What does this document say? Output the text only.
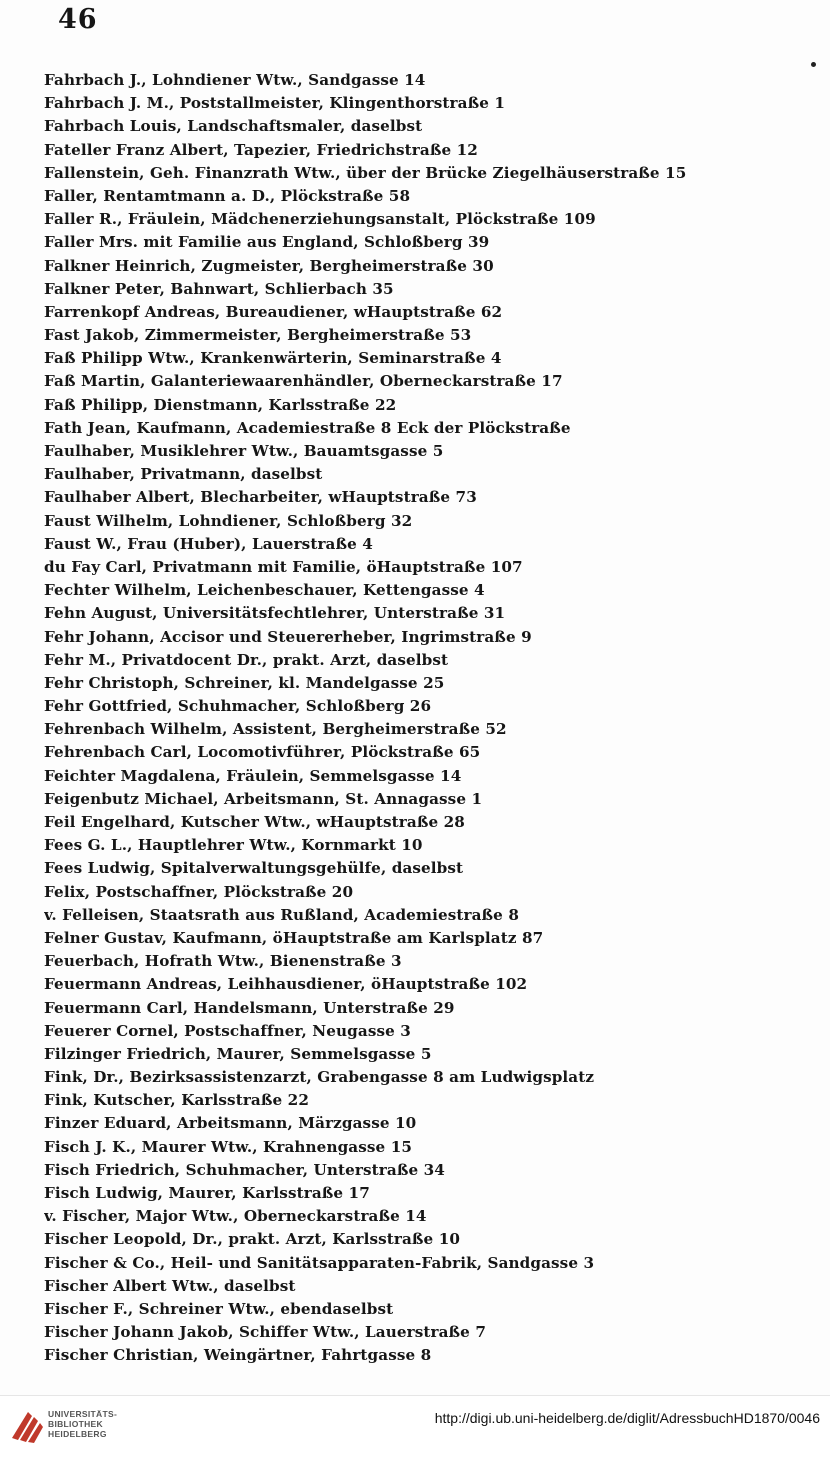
46
Fahrbach J., Lohndiener Wtw., Sandgasse 14
Fahrbach J. M., Poststallmeister, Klingenthorstraße 1
Fahrbach Louis, Landschaftsmaler, daselbst
Fateller Franz Albert, Tapezier, Friedrichstraße 12
Fallenstein, Geh. Finanzrath Wtw., über der Brücke Ziegelhäuserstraße 15
Faller, Rentamtmann a. D., Plöckstraße 58
Faller R., Fräulein, Mädchenerziehungsanstalt, Plöckstraße 109
Faller Mrs. mit Familie aus England, Schloßberg 39
Falkner Heinrich, Zugmeister, Bergheimerstraße 30
Falkner Peter, Bahnwart, Schlierbach 35
Farrenkopf Andreas, Bureaudiener, wHauptstraße 62
Fast Jakob, Zimmermeister, Bergheimerstraße 53
Faß Philipp Wtw., Krankenwärterin, Seminarstraße 4
Faß Martin, Galanteriewaarenhändler, Oberneckarstraße 17
Faß Philipp, Dienstmann, Karlsstraße 22
Fath Jean, Kaufmann, Academiestraße 8 Eck der Plöckstraße
Faulhaber, Musiklehrer Wtw., Bauamtsgasse 5
Faulhaber, Privatmann, daselbst
Faulhaber Albert, Blecharbeiter, wHauptstraße 73
Faust Wilhelm, Lohndiener, Schloßberg 32
Faust W., Frau (Huber), Lauerstraße 4
du Fay Carl, Privatmann mit Familie, öHauptstraße 107
Fechter Wilhelm, Leichenbeschauer, Kettengasse 4
Fehn August, Universitätsfechtlehrer, Unterstraße 31
Fehr Johann, Accisor und Steuererheber, Ingrimstraße 9
Fehr M., Privatdocent Dr., prakt. Arzt, daselbst
Fehr Christoph, Schreiner, kl. Mandelgasse 25
Fehr Gottfried, Schuhmacher, Schloßberg 26
Fehrenbach Wilhelm, Assistent, Bergheimerstraße 52
Fehrenbach Carl, Locomotivführer, Plöckstraße 65
Feichter Magdalena, Fräulein, Semmelsgasse 14
Feigenbutz Michael, Arbeitsmann, St. Annagasse 1
Feil Engelhard, Kutscher Wtw., wHauptstraße 28
Fees G. L., Hauptlehrer Wtw., Kornmarkt 10
Fees Ludwig, Spitalverwaltungsgehülfe, daselbst
Felix, Postschaffner, Plöckstraße 20
v. Felleisen, Staatsrath aus Rußland, Academiestraße 8
Felner Gustav, Kaufmann, öHauptstraße am Karlsplatz 87
Feuerbach, Hofrath Wtw., Bienenstraße 3
Feuermann Andreas, Leihhausdiener, öHauptstraße 102
Feuermann Carl, Handelsmann, Unterstraße 29
Feuerer Cornel, Postschaffner, Neugasse 3
Filzinger Friedrich, Maurer, Semmelsgasse 5
Fink, Dr., Bezirksassistenzarzt, Grabengasse 8 am Ludwigsplatz
Fink, Kutscher, Karlsstraße 22
Finzer Eduard, Arbeitsmann, Märzgasse 10
Fisch J. K., Maurer Wtw., Krahnengasse 15
Fisch Friedrich, Schuhmacher, Unterstraße 34
Fisch Ludwig, Maurer, Karlsstraße 17
v. Fischer, Major Wtw., Oberneckarstraße 14
Fischer Leopold, Dr., prakt. Arzt, Karlsstraße 10
Fischer & Co., Heil- und Sanitätsapparaten-Fabrik, Sandgasse 3
Fischer Albert Wtw., daselbst
Fischer F., Schreiner Wtw., ebendaselbst
Fischer Johann Jakob, Schiffer Wtw., Lauerstraße 7
Fischer Christian, Weingärtner, Fahrtgasse 8
UNIVERSITÄTS-
BIBLIOTHEK
HEIDELBERG
http://digi.ub.uni-heidelberg.de/diglit/AdressbuchHD1870/0046
